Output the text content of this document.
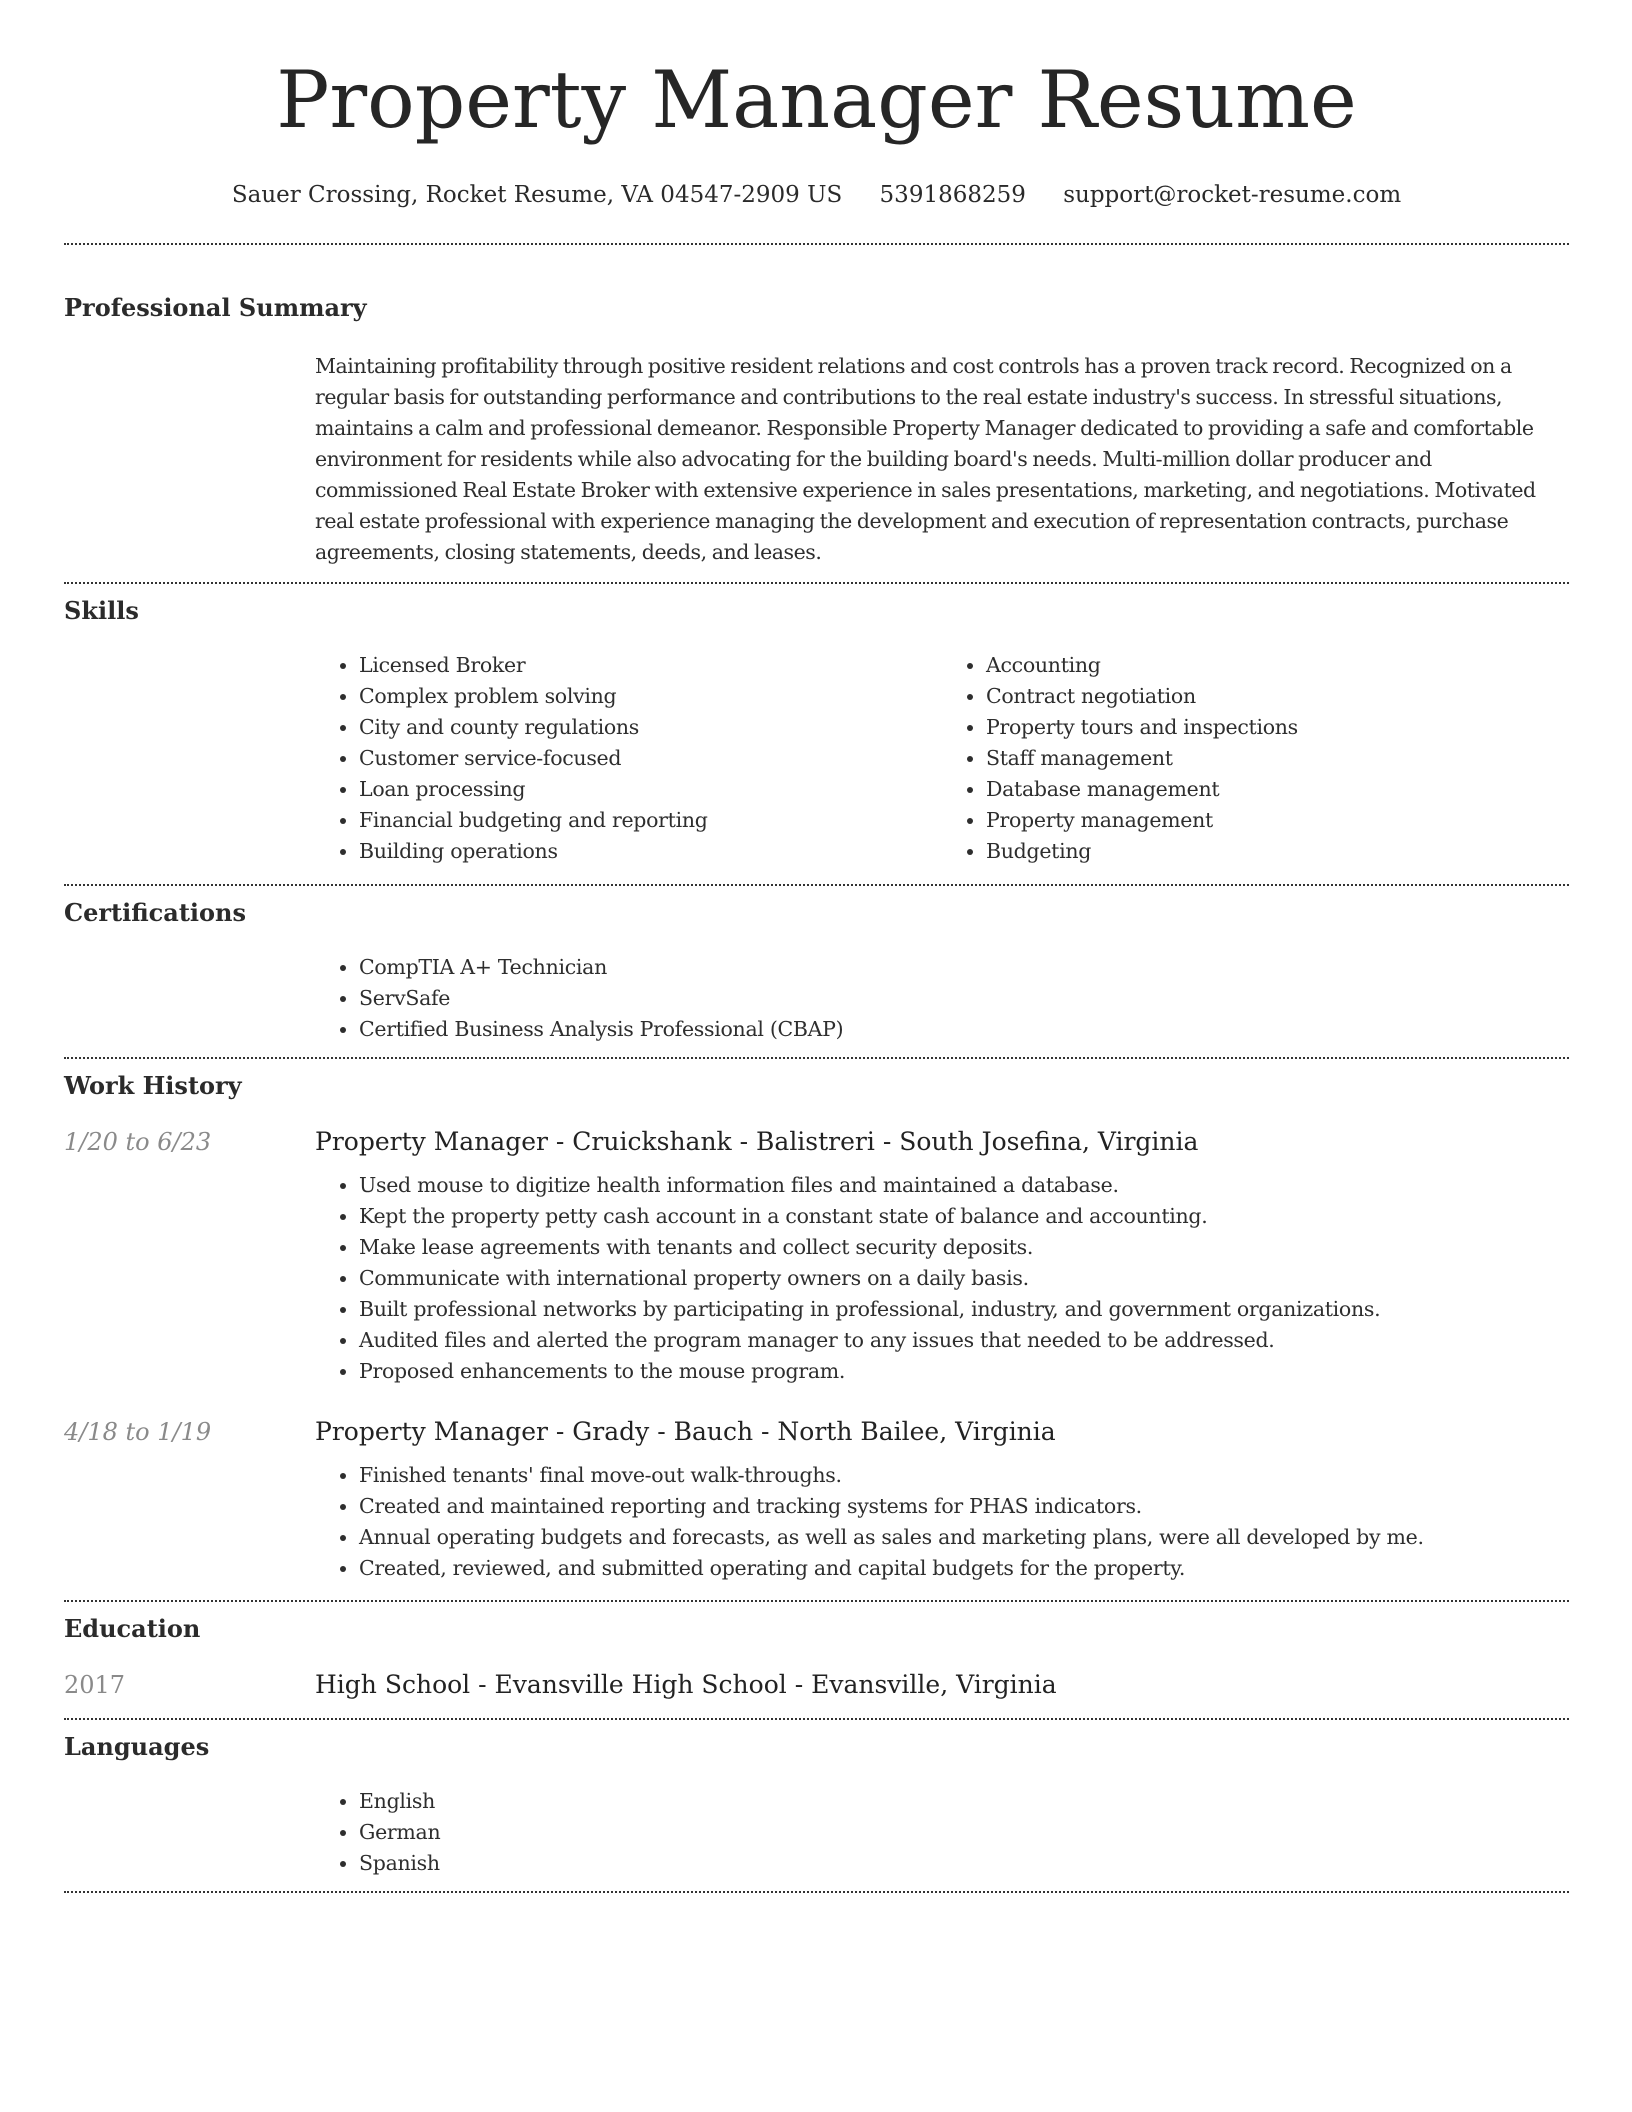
Property Manager Resume
Sauer Crossing, Rocket Resume, VA 04547-2909 US 5391868259 support@rocket-resume.com
Professional Summary

Maintaining profitability through positive resident relations and cost controls has a proven track record. Recognized on a regular basis for outstanding performance and contributions to the real estate industry's success. In stressful situations, maintains a calm and professional demeanor. Responsible Property Manager dedicated to providing a safe and comfortable environment for residents while also advocating for the building board's needs. Multi-million dollar producer and commissioned Real Estate Broker with extensive experience in sales presentations, marketing, and negotiations. Motivated real estate professional with experience managing the development and execution of representation contracts, purchase agreements, closing statements, deeds, and leases.

Skills
• Licensed Broker
• Complex problem solving
• City and county regulations
• Customer service-focused
• Loan processing
• Financial budgeting and reporting
• Building operations
• Accounting
• Contract negotiation
• Property tours and inspections
• Staff management
• Database management
• Property management
• Budgeting
Certifications
• CompTIA A+ Technician
• ServSafe
• Certified Business Analysis Professional (CBAP)
Work History
1/20 to 6/23	Property Manager - Cruickshank - Balistreri - South Josefina, Virginia
• Used mouse to digitize health information files and maintained a database.
• Kept the property petty cash account in a constant state of balance and accounting.
• Make lease agreements with tenants and collect security deposits.
• Communicate with international property owners on a daily basis.
• Built professional networks by participating in professional, industry, and government organizations.
• Audited files and alerted the program manager to any issues that needed to be addressed.
• Proposed enhancements to the mouse program.
4/18 to 1/19	Property Manager - Grady - Bauch - North Bailee, Virginia
• Finished tenants' final move-out walk-throughs.
• Created and maintained reporting and tracking systems for PHAS indicators.
• Annual operating budgets and forecasts, as well as sales and marketing plans, were all developed by me.
• Created, reviewed, and submitted operating and capital budgets for the property.
Education
2017	High School - Evansville High School - Evansville, Virginia
Languages
• English
• German
• Spanish
